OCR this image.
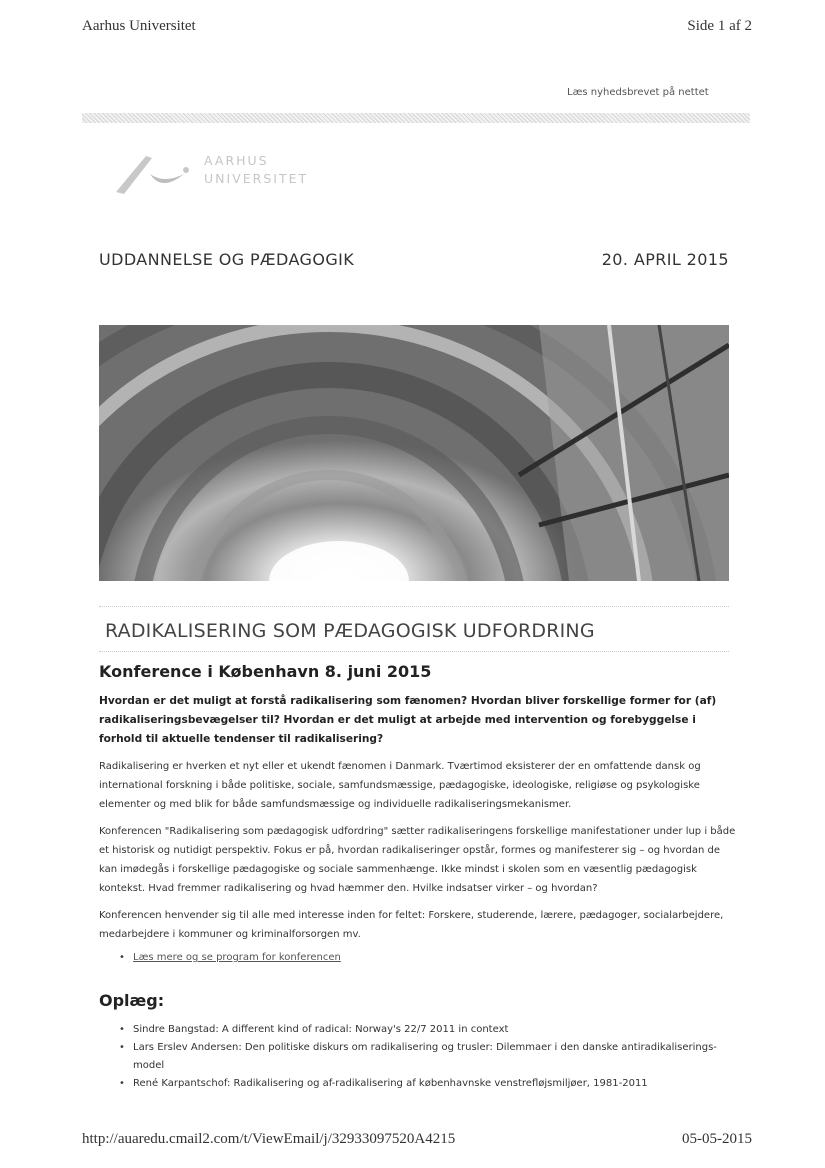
Aarhus Universitet	Side 1 af 2
Læs nyhedsbrevet på nettet
AARHUS
UNIVERSITET
UDDANNELSE OG PÆDAGOGIK	20. APRIL 2015
RADIKALISERING SOM PÆDAGOGISK UDFORDRING
Konference i København 8. juni 2015
Hvordan er det muligt at forstå radikalisering som fænomen? Hvordan bliver forskellige former for (af) radikaliseringsbevægelser til? Hvordan er det muligt at arbejde med intervention og forebyggelse i forhold til aktuelle tendenser til radikalisering?
Radikalisering er hverken et nyt eller et ukendt fænomen i Danmark. Tværtimod eksisterer der en omfattende dansk og international forskning i både politiske, sociale, samfundsmæssige, pædagogiske, ideologiske, religiøse og psykologiske elementer og med blik for både samfundsmæssige og individuelle radikaliseringsmekanismer.
Konferencen "Radikalisering som pædagogisk udfordring" sætter radikaliseringens forskellige manifestationer under lup i både et historisk og nutidigt perspektiv. Fokus er på, hvordan radikaliseringer opstår, formes og manifesterer sig – og hvordan de kan imødegås i forskellige pædagogiske og sociale sammenhænge. Ikke mindst i skolen som en væsentlig pædagogisk kontekst. Hvad fremmer radikalisering og hvad hæmmer den. Hvilke indsatser virker – og hvordan?
Konferencen henvender sig til alle med interesse inden for feltet: Forskere, studerende, lærere, pædagoger, socialarbejdere, medarbejdere i kommuner og kriminalforsorgen mv.
• Læs mere og se program for konferencen
Oplæg:
• Sindre Bangstad: A different kind of radical: Norway's 22/7 2011 in context
• Lars Erslev Andersen: Den politiske diskurs om radikalisering og trusler: Dilemmaer i den danske antiradikaliserings-model
• René Karpantschof: Radikalisering og af-radikalisering af københavnske venstrefløjsmiljøer, 1981-2011
http://auaredu.cmail2.com/t/ViewEmail/j/32933097520A4215	05-05-2015
